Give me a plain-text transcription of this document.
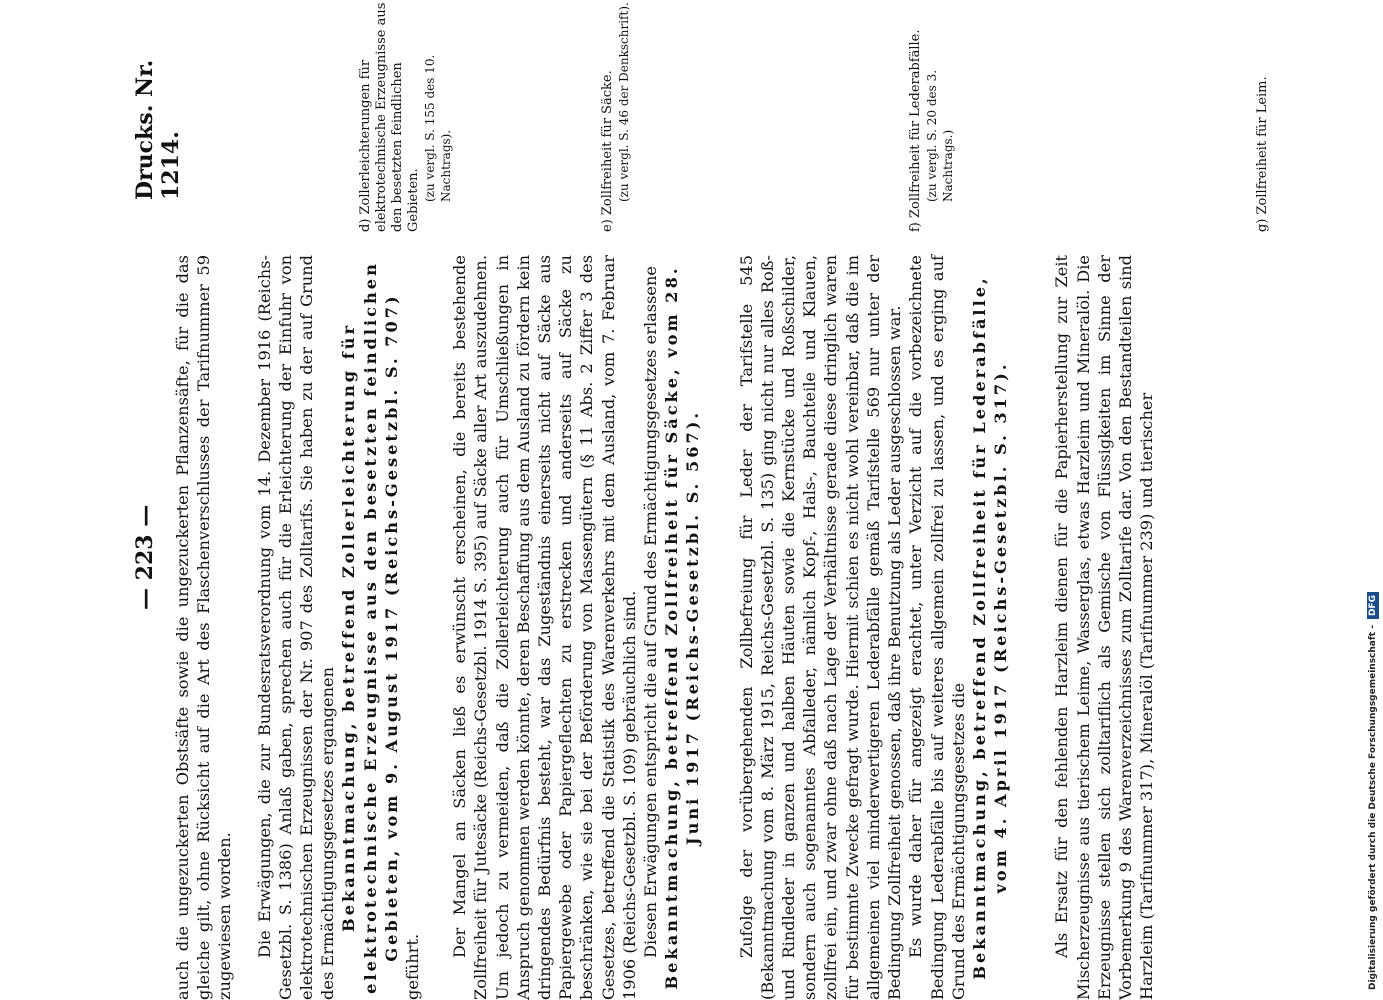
— 223 —
Drucks. Nr. 1214.

auch die ungezuckerten Obstsäfte sowie die ungezuckerten Pflanzensäfte, für die das gleiche gilt, ohne Rücksicht auf die Art des Flaschenverschlusses der Tarifnummer 59 zugewiesen worden. Die Erwägungen, die zur Bundesratsverordnung vom 14. Dezember 1916 (Reichs-Gesetzbl. S. 1386) Anlaß gaben, sprechen auch für die Erleichterung der Einfuhr von elektrotechnischen Erzeugnissen der Nr. 907 des Zolltarifs. Sie haben zu der auf Grund des Ermächtigungsgesetzes ergangenen Bekanntmachung, betreffend Zollerleichterung für elektrotechnische Erzeugnisse aus den besetzten feindlichen Gebieten, vom 9. August 1917 (Reichs-Gesetzbl. S. 707)

geführt.

Der Mangel an Säcken ließ es erwünscht erscheinen, die bereits bestehende Zollfreiheit für Jutesäcke (Reichs-Gesetzbl. 1914 S. 395) auf Säcke aller Art auszudehnen. Um jedoch zu vermeiden, daß die Zollerleichterung auch für Umschließungen in Anspruch genommen werden könnte, deren Beschaffung aus dem Ausland zu fördern kein dringendes Bedürfnis besteht, war das Zugeständnis einerseits nicht auf Säcke aus Papiergewebe oder Papiergeflechten zu erstrecken und anderseits auf Säcke zu beschränken, wie sie bei der Beförderung von Massengütern (§ 11 Abs. 2 Ziffer 3 des Gesetzes, betreffend die Statistik des Warenverkehrs mit dem Ausland, vom 7. Februar 1906 (Reichs-Gesetzbl. S. 109) gebräuchlich sind. Diesen Erwägungen entspricht die auf Grund des Ermächtigungsgesetzes erlassene Bekanntmachung, betreffend Zollfreiheit für Säcke, vom 28. Juni 1917 (Reichs-Gesetzbl. S. 567). Zufolge der vorübergehenden Zollbefreiung für Leder der Tarifstelle 545 (Bekanntmachung vom 8. März 1915, Reichs-Gesetzbl. S. 135) ging nicht nur alles Roß- und Rindleder in ganzen und halben Häuten sowie die Kernstücke und Roßschilder, sondern auch sogenanntes Abfalleder, nämlich Kopf-, Hals-, Bauchteile und Klauen, zollfrei ein, und zwar ohne daß nach Lage der Verhältnisse gerade diese dringlich waren für bestimmte Zwecke gefragt wurde. Hiermit schien es nicht wohl vereinbar, daß die im allgemeinen viel minderwertigeren Lederabfälle gemäß Tarifstelle 569 nur unter der Bedingung Zollfreiheit genossen, daß ihre Benutzung als Leder ausgeschlossen war. Es wurde daher für angezeigt erachtet, unter Verzicht auf die vorbezeichnete Bedingung Lederabfälle bis auf weiteres allgemein zollfrei zu lassen, und es erging auf Grund des Ermächtigungsgesetzes die Bekanntmachung, betreffend Zollfreiheit für Lederabfälle, vom 4. April 1917 (Reichs-Gesetzbl. S. 317).	Als Ersatz für den fehlenden Harzleim dienen für die Papierherstellung zur Zeit Mischerzeugnisse aus tierischem Leime, Wasserglas, etwas Harzleim und Mineralöl. Die Erzeugnisse stellen sich zolltariflich als Gemische von Flüssigkeiten im Sinne der Vorbemerkung 9 des Warenverzeichnisses zum Zolltarife dar. Von den Bestandteilen sind Harzleim (Tarifnummer 317), Mineralöl (Tarifnummer 239) und tierischer

d) Zollerleichterungen für elektrotechnische Erzeugnisse aus den besetzten feindlichen Gebieten. (zu vergl. S. 155 des 10. Nachtrags).	e) Zollfreiheit für Säcke. (zu vergl. S. 46 der Denkschrift).	f) Zollfreiheit für Lederabfälle. (zu vergl. S. 20 des 3. Nachtrags.)	g) Zollfreiheit für Leim.
Digitalisierung gefördert durch die Deutsche Forschungsgemeinschaft -DFG
